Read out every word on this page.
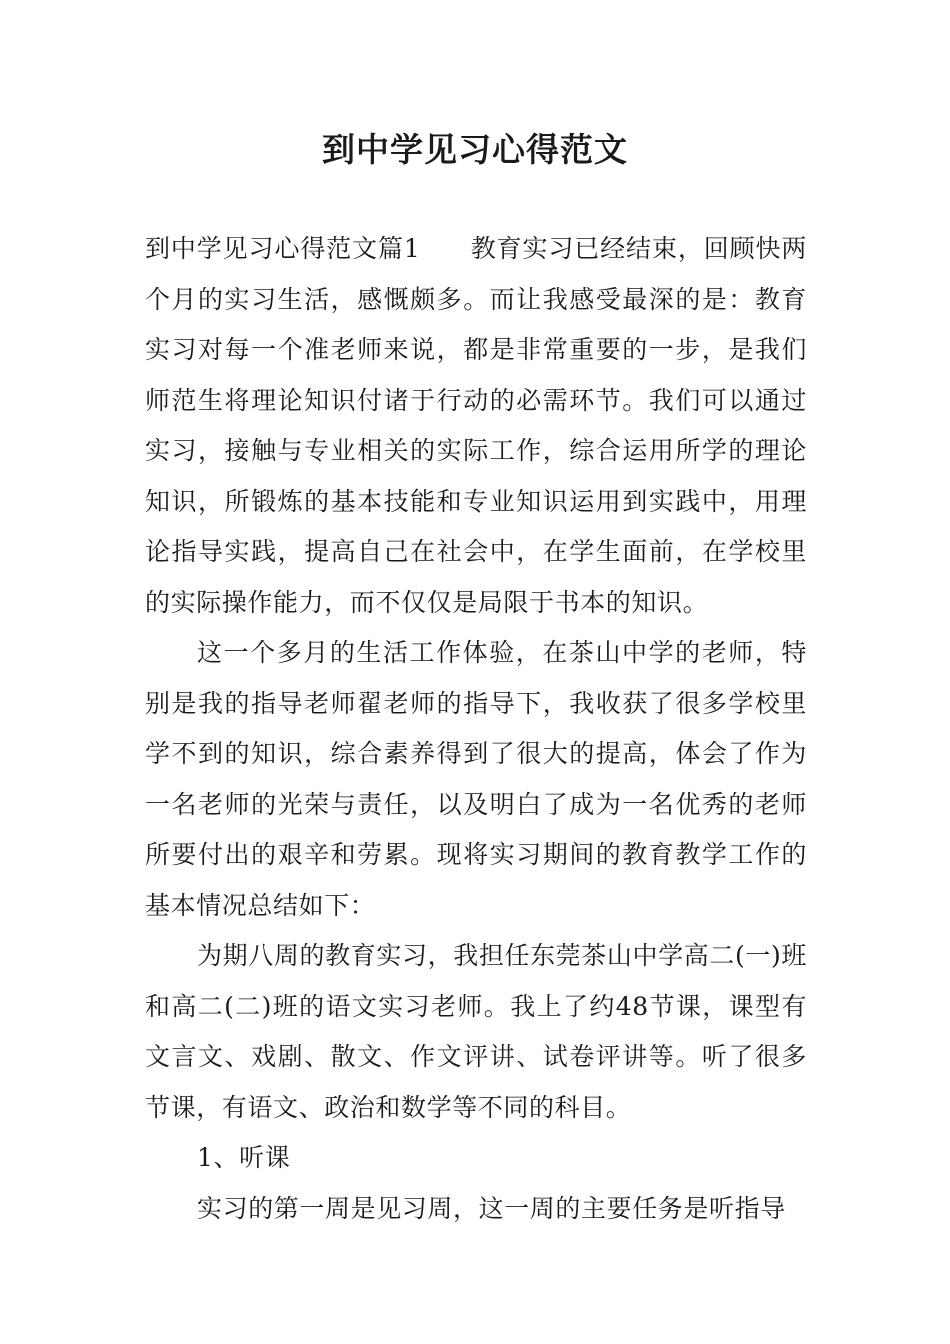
到中学见习心得范文

到中学见习心得范文篇1 教育实习已经结束，回顾快两个月的实习生活，感慨颇多。而让我感受最深的是：教育实习对每一个准老师来说，都是非常重要的一步，是我们师范生将理论知识付诸于行动的必需环节。我们可以通过实习，接触与专业相关的实际工作，综合运用所学的理论知识，所锻炼的基本技能和专业知识运用到实践中，用理论指导实践，提高自己在社会中，在学生面前，在学校里的实际操作能力，而不仅仅是局限于书本的知识。

这一个多月的生活工作体验，在茶山中学的老师，特别是我的指导老师翟老师的指导下，我收获了很多学校里学不到的知识，综合素养得到了很大的提高，体会了作为一名老师的光荣与责任，以及明白了成为一名优秀的老师所要付出的艰辛和劳累。现将实习期间的教育教学工作的基本情况总结如下：

为期八周的教育实习，我担任东莞茶山中学高二(一)班和高二(二)班的语文实习老师。我上了约48节课，课型有文言文、戏剧、散文、作文评讲、试卷评讲等。听了很多节课，有语文、政治和数学等不同的科目。

1、听课

实习的第一周是见习周，这一周的主要任务是听指导
